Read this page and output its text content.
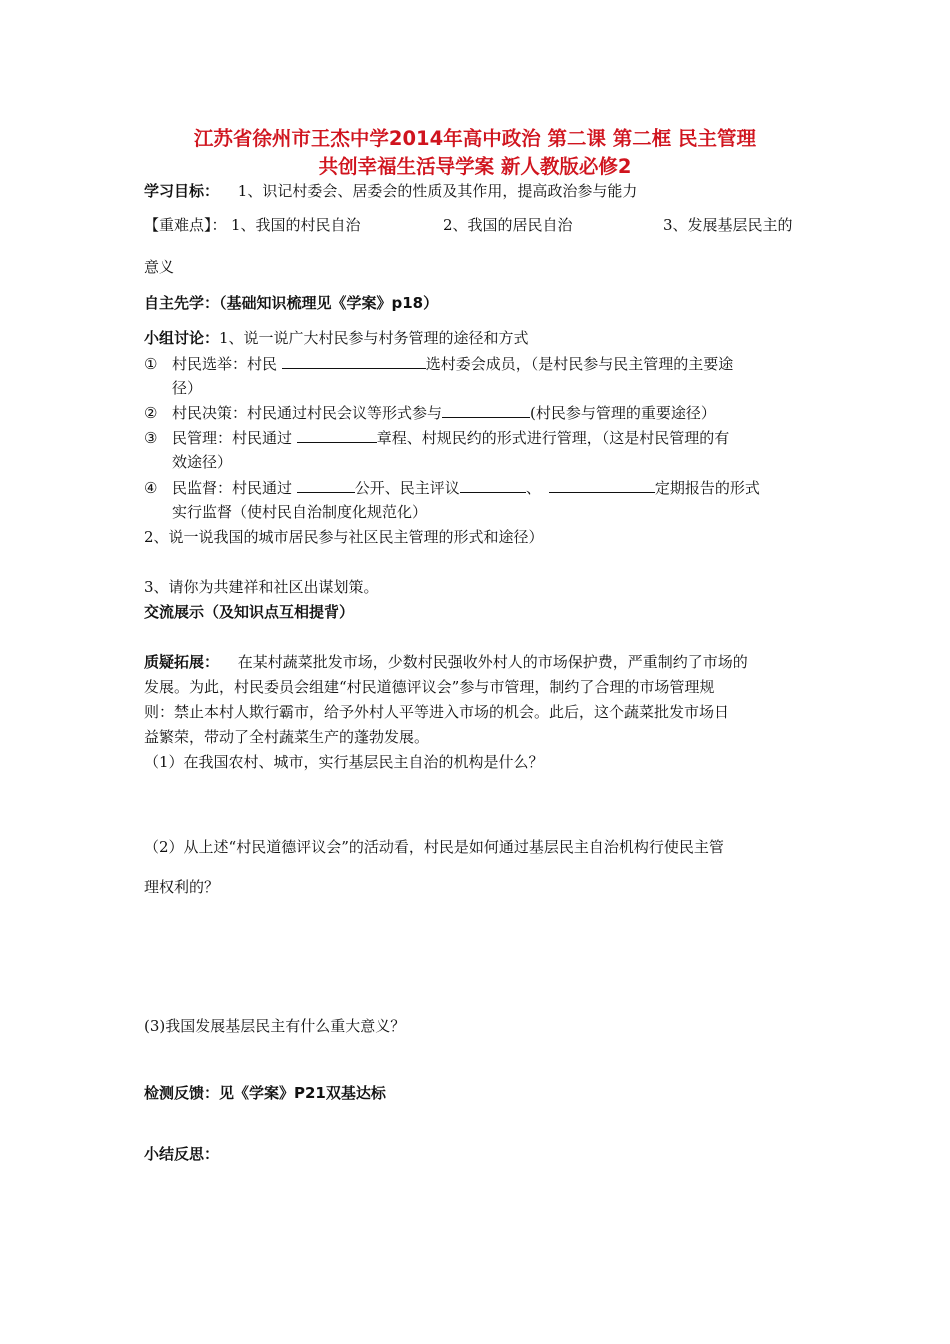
江苏省徐州市王杰中学2014年高中政治 第二课 第二框 民主管理
共创幸福生活导学案 新人教版必修2
学习目标： 1、识记村委会、居委会的性质及其作用，提高政治参与能力
【重难点】： 1、我国的村民自治	2、我国的居民自治	3、发展基层民主的
意义
自主先学：（基础知识梳理见《学案》p18）
小组讨论：1、说一说广大村民参与村务管理的途径和方式
① 村民选举：村民	选村委会成员，（是村民参与民主管理的主要途
径）
② 村民决策：村民通过村民会议等形式参与	(村民参与管理的重要途径）
③ 民管理：村民通过	章程、村规民约的形式进行管理，（这是村民管理的有
效途径）
④ 民监督：村民通过	公开、民主评议	、	定期报告的形式
实行监督（使村民自治制度化规范化）
2、说一说我国的城市居民参与社区民主管理的形式和途径）
3、请你为共建祥和社区出谋划策。
交流展示（及知识点互相提背）
质疑拓展： 在某村蔬菜批发市场，少数村民强收外村人的市场保护费，严重制约了市场的
发展。为此，村民委员会组建“村民道德评议会”参与市管理，制约了合理的市场管理规
则：禁止本村人欺行霸市，给予外村人平等进入市场的机会。此后，这个蔬菜批发市场日
益繁荣，带动了全村蔬菜生产的蓬勃发展。
（1）在我国农村、城市，实行基层民主自治的机构是什么？
（2）从上述“村民道德评议会”的活动看，村民是如何通过基层民主自治机构行使民主管
理权利的？
(3)我国发展基层民主有什么重大意义？
检测反馈：见《学案》P21双基达标
小结反思：
